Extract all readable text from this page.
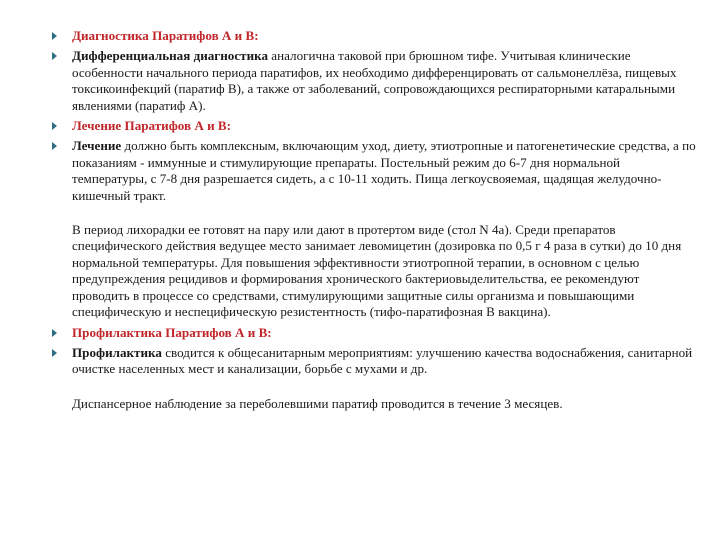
Диагностика Паратифов А и В:
Дифференциальная диагностика аналогична таковой при брюшном тифе. Учитывая клинические особенности начального периода паратифов, их необходимо дифференцировать от сальмонеллёза, пищевых токсикоинфекций (паратиф В), а также от заболеваний, сопровождающихся респираторными катаральными явлениями (паратиф А).
Лечение Паратифов А и В:
Лечение должно быть комплексным, включающим уход, диету, этиотропные и патогенетические средства, а по показаниям - иммунные и стимулирующие препараты. Постельный режим до 6-7 дня нормальной температуры, с 7-8 дня разрешается сидеть, а с 10-11 ходить. Пища легкоусвояемая, щадящая желудочно-кишечный тракт.
В период лихорадки ее готовят на пару или дают в протертом виде (стол N 4а). Среди препаратов специфического действия ведущее место занимает левомицетин (дозировка по 0,5 г 4 раза в сутки) до 10 дня нормальной температуры. Для повышения эффективности этиотропной терапии, в основном с целью предупреждения рецидивов и формирования хронического бактериовыделительства, ее рекомендуют проводить в процессе со средствами, стимулирующими защитные силы организма и повышающими специфическую и неспецифическую резистентность (тифо-паратифозная В вакцина).
Профилактика Паратифов А и В:
Профилактика сводится к общесанитарным мероприятиям: улучшению качества водоснабжения, санитарной очистке населенных мест и канализации, борьбе с мухами и др.
Диспансерное наблюдение за переболевшими паратиф проводится в течение 3 месяцев.
